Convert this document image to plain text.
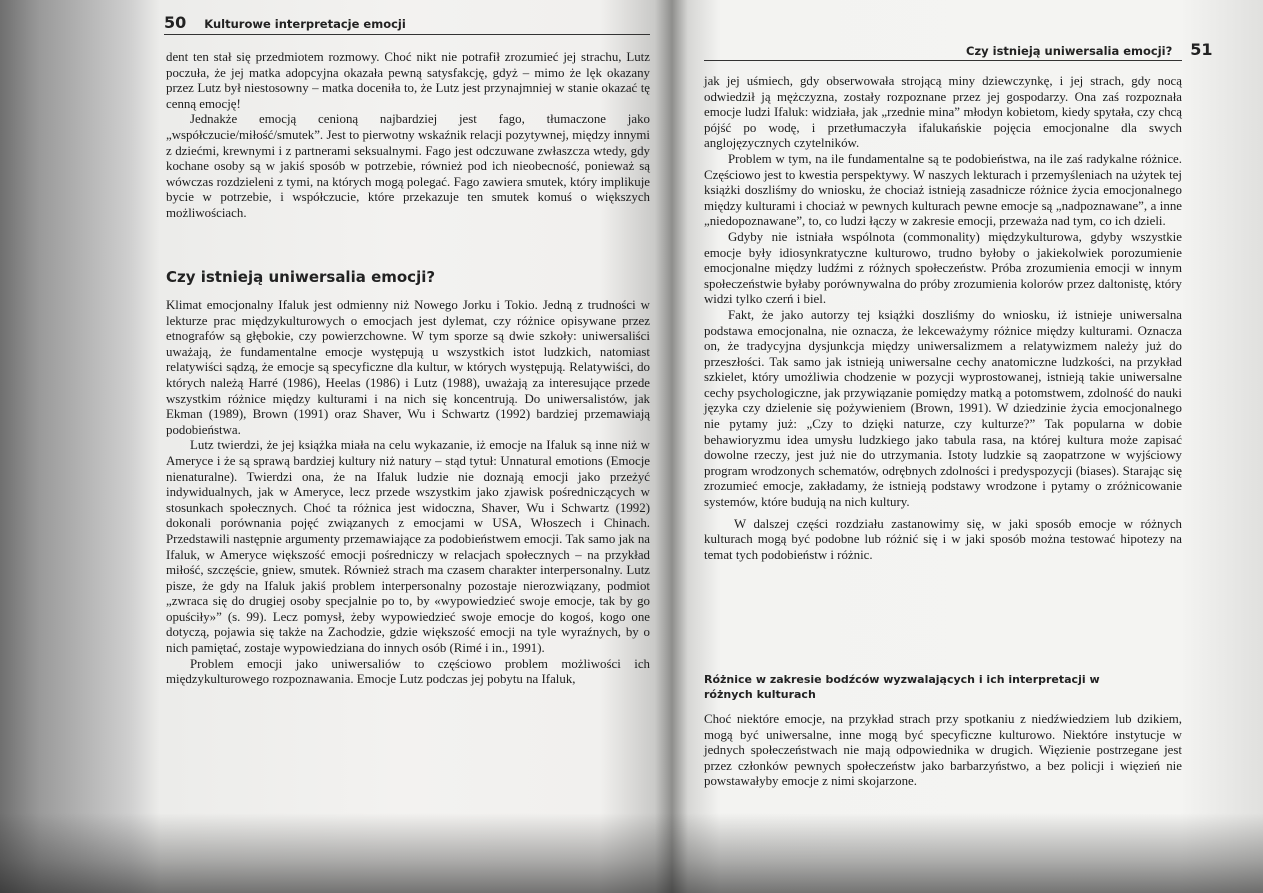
50 Kulturowe interpretacje emocji

dent ten stał się przedmiotem rozmowy. Choć nikt nie potrafił zrozumieć jej strachu, Lutz poczuła, że jej matka adopcyjna okazała pewną satysfakcję, gdyż – mimo że lęk okazany przez Lutz był niestosowny – matka doceniła to, że Lutz jest przynajmniej w stanie okazać tę cenną emocję!

Jednakże emocją cenioną najbardziej jest fago, tłumaczone jako „współczucie/miłość/smutek”. Jest to pierwotny wskaźnik relacji pozytywnej, między innymi z dziećmi, krewnymi i z partnerami seksualnymi. Fago jest odczuwane zwłaszcza wtedy, gdy kochane osoby są w jakiś sposób w potrzebie, również pod ich nieobecność, ponieważ są wówczas rozdzieleni z tymi, na których mogą polegać. Fago zawiera smutek, który implikuje bycie w potrzebie, i współczucie, które przekazuje ten smutek komuś o większych możliwościach.

Czy istnieją uniwersalia emocji?

Klimat emocjonalny Ifaluk jest odmienny niż Nowego Jorku i Tokio. Jedną z trudności w lekturze prac międzykulturowych o emocjach jest dylemat, czy różnice opisywane przez etnografów są głębokie, czy powierzchowne. W tym sporze są dwie szkoły: uniwersaliści uważają, że fundamentalne emocje występują u wszystkich istot ludzkich, natomiast relatywiści sądzą, że emocje są specyficzne dla kultur, w których występują. Relatywiści, do których należą Harré (1986), Heelas (1986) i Lutz (1988), uważają za interesujące przede wszystkim różnice między kulturami i na nich się koncentrują. Do uniwersalistów, jak Ekman (1989), Brown (1991) oraz Shaver, Wu i Schwartz (1992) bardziej przemawiają podobieństwa.

Lutz twierdzi, że jej książka miała na celu wykazanie, iż emocje na Ifaluk są inne niż w Ameryce i że są sprawą bardziej kultury niż natury – stąd tytuł: Unnatural emotions (Emocje nienaturalne). Twierdzi ona, że na Ifaluk ludzie nie doznają emocji jako przeżyć indywidualnych, jak w Ameryce, lecz przede wszystkim jako zjawisk pośredniczących w stosunkach społecznych. Choć ta różnica jest widoczna, Shaver, Wu i Schwartz (1992) dokonali porównania pojęć związanych z emocjami w USA, Włoszech i Chinach. Przedstawili następnie argumenty przemawiające za podobieństwem emocji. Tak samo jak na Ifaluk, w Ameryce większość emocji pośredniczy w relacjach społecznych – na przykład miłość, szczęście, gniew, smutek. Również strach ma czasem charakter interpersonalny. Lutz pisze, że gdy na Ifaluk jakiś problem interpersonalny pozostaje nierozwiązany, podmiot „zwraca się do drugiej osoby specjalnie po to, by «wypowiedzieć swoje emocje, tak by go opuściły»” (s. 99). Lecz pomysł, żeby wypowiedzieć swoje emocje do kogoś, kogo one dotyczą, pojawia się także na Zachodzie, gdzie większość emocji na tyle wyraźnych, by o nich pamiętać, zostaje wypowiedziana do innych osób (Rimé i in., 1991).

Problem emocji jako uniwersaliów to częściowo problem możliwości ich międzykulturowego rozpoznawania. Emocje Lutz podczas jej pobytu na Ifaluk,

Czy istnieją uniwersalia emocji? 51

jak jej uśmiech, gdy obserwowała strojącą miny dziewczynkę, i jej strach, gdy nocą odwiedził ją mężczyzna, zostały rozpoznane przez jej gospodarzy. Ona zaś rozpoznała emocje ludzi Ifaluk: widziała, jak „rzednie mina” młodyn kobietom, kiedy spytała, czy chcą pójść po wodę, i przetłumaczyła ifalukańskie pojęcia emocjonalne dla swych anglojęzycznych czytelników.

Problem w tym, na ile fundamentalne są te podobieństwa, na ile zaś radykalne różnice. Częściowo jest to kwestia perspektywy. W naszych lekturach i przemyśleniach na użytek tej książki doszliśmy do wniosku, że chociaż istnieją zasadnicze różnice życia emocjonalnego między kulturami i chociaż w pewnych kulturach pewne emocje są „nadpoznawane”, a inne „niedopoznawane”, to, co ludzi łączy w zakresie emocji, przeważa nad tym, co ich dzieli.

Gdyby nie istniała wspólnota (commonality) międzykulturowa, gdyby wszystkie emocje były idiosynkratyczne kulturowo, trudno byłoby o jakiekolwiek porozumienie emocjonalne między ludźmi z różnych społeczeństw. Próba zrozumienia emocji w innym społeczeństwie byłaby porównywalna do próby zrozumienia kolorów przez daltonistę, który widzi tylko czerń i biel.

Fakt, że jako autorzy tej książki doszliśmy do wniosku, iż istnieje uniwersalna podstawa emocjonalna, nie oznacza, że lekceważymy różnice między kulturami. Oznacza on, że tradycyjna dysjunkcja między uniwersalizmem a relatywizmem należy już do przeszłości. Tak samo jak istnieją uniwersalne cechy anatomiczne ludzkości, na przykład szkielet, który umożliwia chodzenie w pozycji wyprostowanej, istnieją takie uniwersalne cechy psychologiczne, jak przywiązanie pomiędzy matką a potomstwem, zdolność do nauki języka czy dzielenie się pożywieniem (Brown, 1991). W dziedzinie życia emocjonalnego nie pytamy już: „Czy to dzięki naturze, czy kulturze?” Tak popularna w dobie behawioryzmu idea umysłu ludzkiego jako tabula rasa, na której kultura może zapisać dowolne rzeczy, jest już nie do utrzymania. Istoty ludzkie są zaopatrzone w wyjściowy program wrodzonych schematów, odrębnych zdolności i predyspozycji (biases). Starając się zrozumieć emocje, zakładamy, że istnieją podstawy wrodzone i pytamy o zróżnicowanie systemów, które budują na nich kultury.

W dalszej części rozdziału zastanowimy się, w jaki sposób emocje w różnych kulturach mogą być podobne lub różnić się i w jaki sposób można testować hipotezy na temat tych podobieństw i różnic.

Różnice w zakresie bodźców wyzwalających i ich interpretacji w różnych kulturach

Choć niektóre emocje, na przykład strach przy spotkaniu z niedźwiedziem lub dzikiem, mogą być uniwersalne, inne mogą być specyficzne kulturowo. Niektóre instytucje w jednych społeczeństwach nie mają odpowiednika w drugich. Więzienie postrzegane jest przez członków pewnych społeczeństw jako barbarzyństwo, a bez policji i więzień nie powstawałyby emocje z nimi skojarzone.
